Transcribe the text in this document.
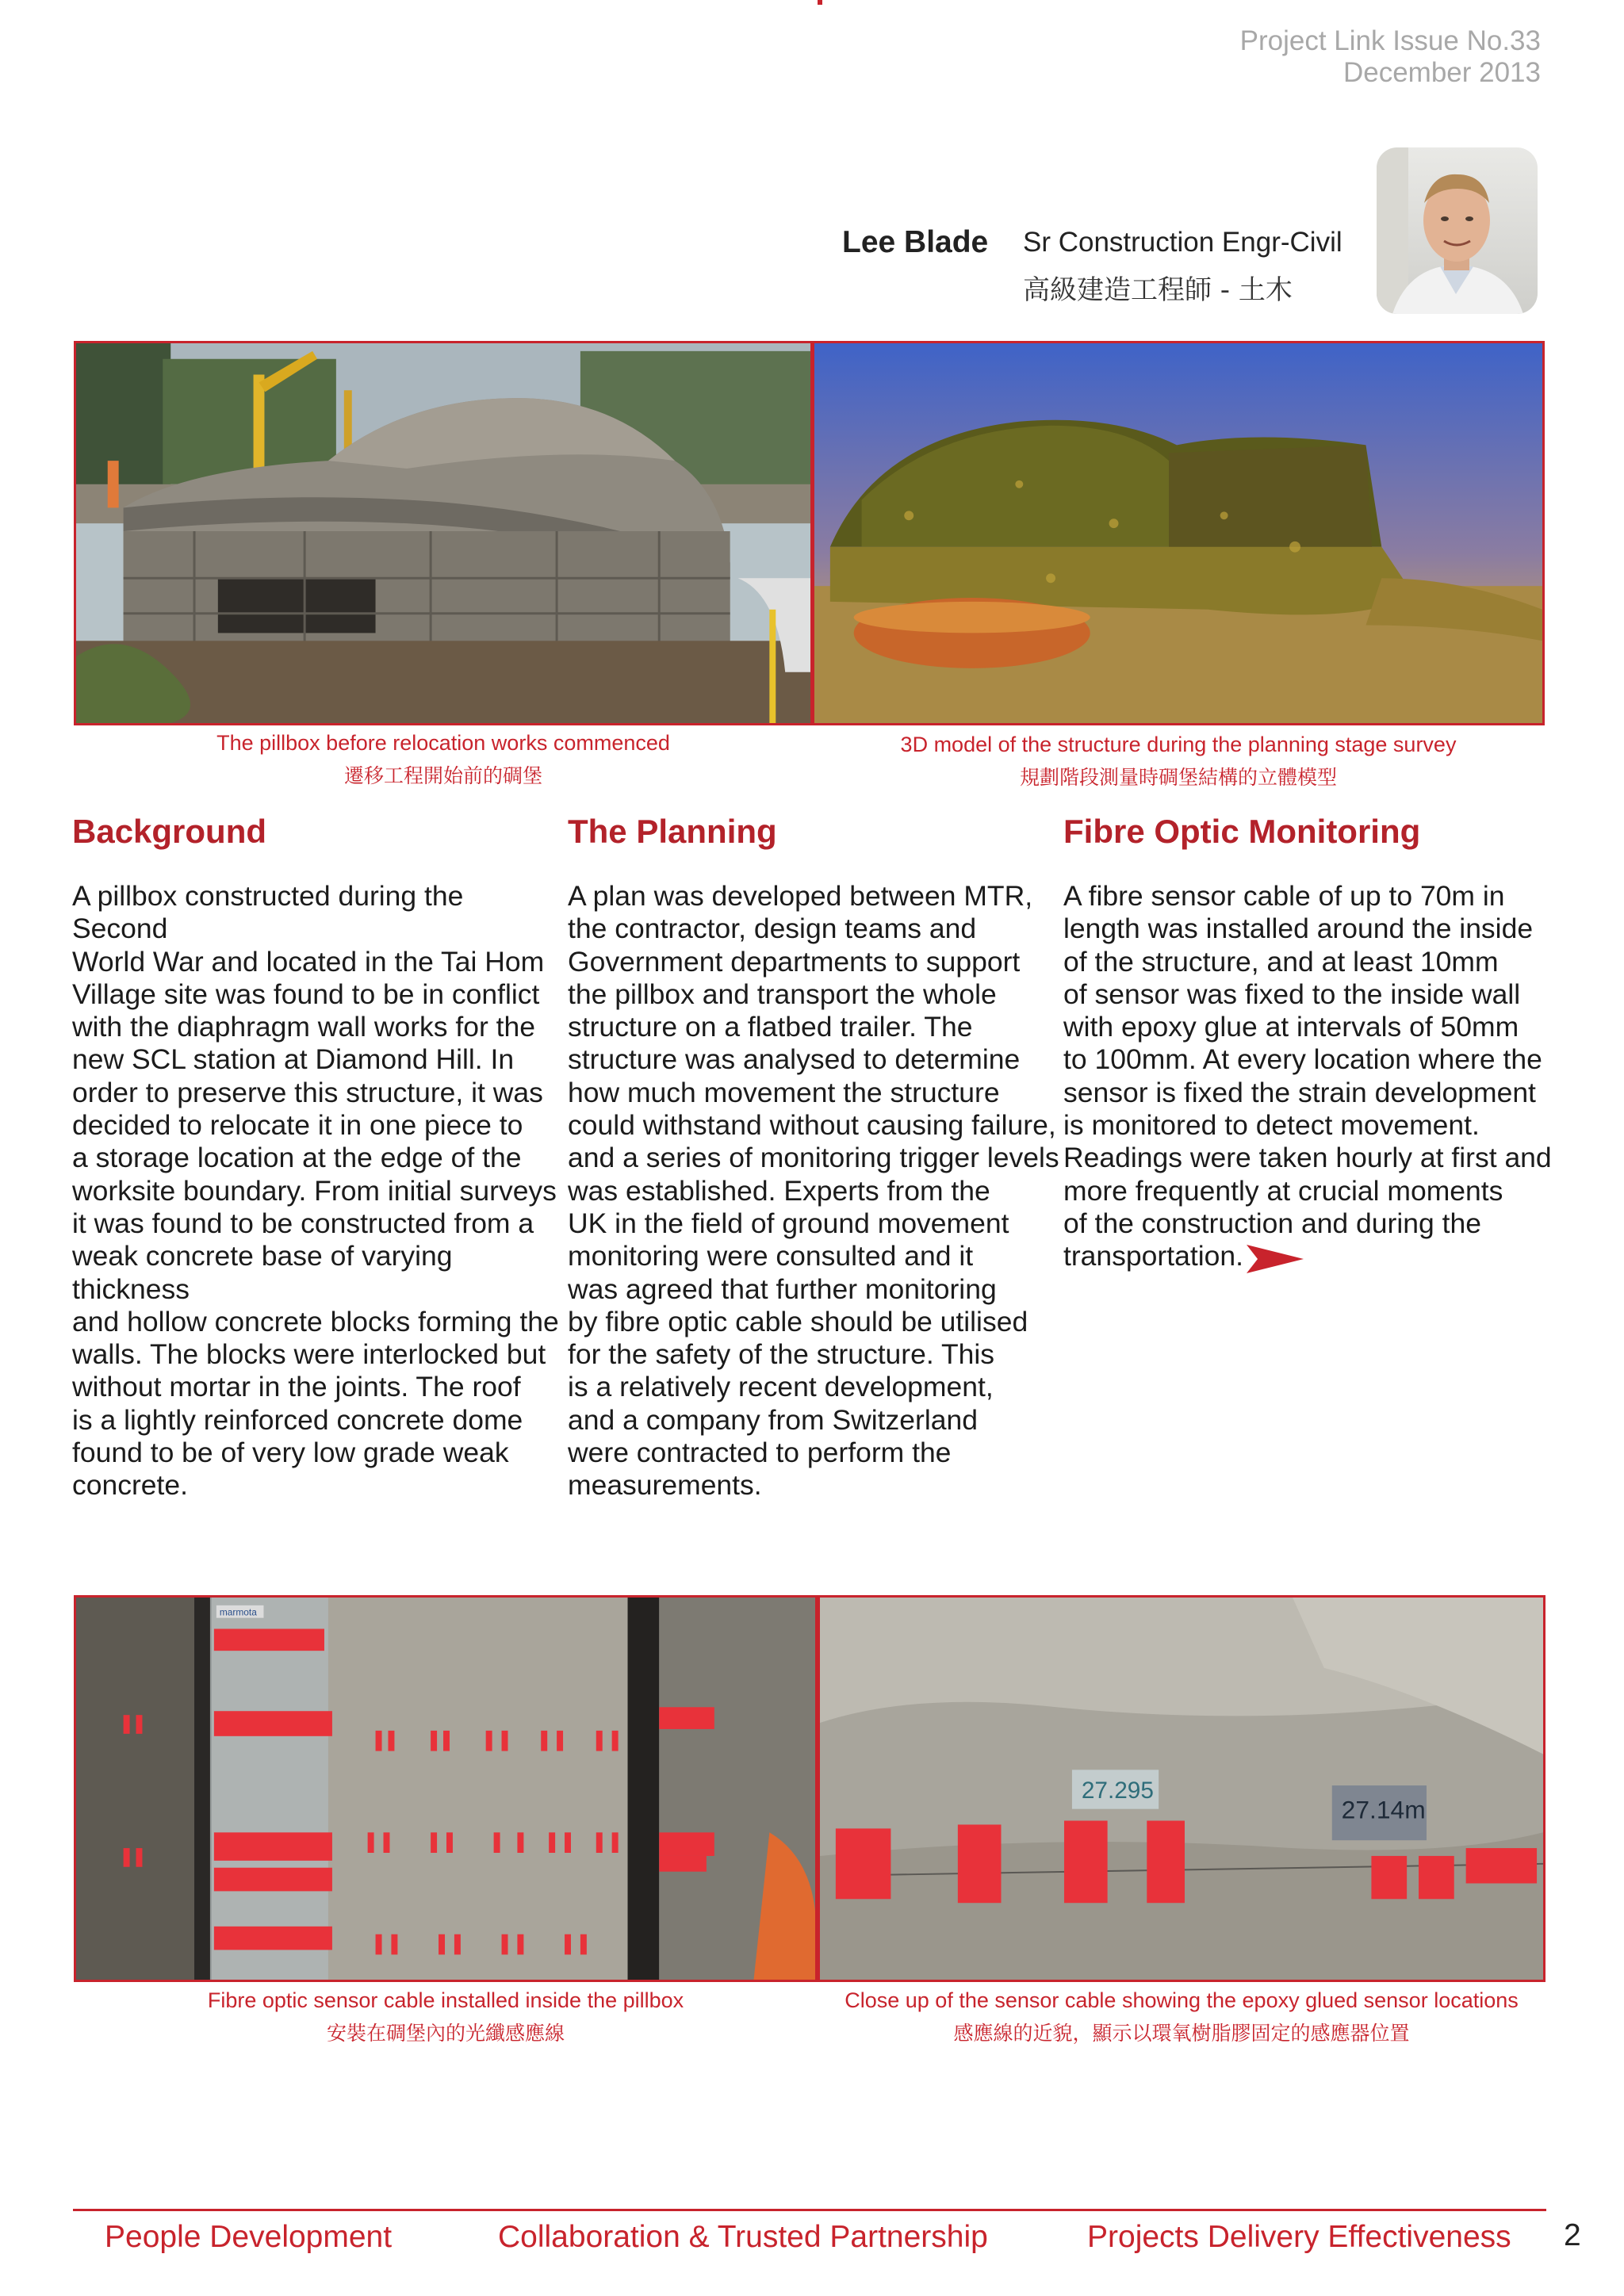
Project Link Issue No.33
December 2013
Lee Blade Sr Construction Engr-Civil
高級建造工程師 - 土木
The pillbox before relocation works commenced
遷移工程開始前的碉堡
3D model of the structure during the planning stage survey
規劃階段測量時碉堡結構的立體模型
Background	The Planning	Fibre Optic Monitoring
A pillbox constructed during the Second
World War and located in the Tai Hom
Village site was found to be in conflict
with the diaphragm wall works for the
new SCL station at Diamond Hill. In
order to preserve this structure, it was
decided to relocate it in one piece to
a storage location at the edge of the
worksite boundary. From initial surveys
it was found to be constructed from a
weak concrete base of varying thickness
and hollow concrete blocks forming the
walls. The blocks were interlocked but
without mortar in the joints. The roof
is a lightly reinforced concrete dome
found to be of very low grade weak
concrete.
A plan was developed between MTR,
the contractor, design teams and
Government departments to support
the pillbox and transport the whole
structure on a flatbed trailer. The
structure was analysed to determine
how much movement the structure
could withstand without causing failure,
and a series of monitoring trigger levels
was established. Experts from the
UK in the field of ground movement
monitoring were consulted and it
was agreed that further monitoring
by fibre optic cable should be utilised
for the safety of the structure. This
is a relatively recent development,
and a company from Switzerland
were contracted to perform the
measurements.
A fibre sensor cable of up to 70m in
length was installed around the inside
of the structure, and at least 10mm
of sensor was fixed to the inside wall
with epoxy glue at intervals of 50mm
to 100mm. At every location where the
sensor is fixed the strain development
is monitored to detect movement.
Readings were taken hourly at first and
more frequently at crucial moments
of the construction and during the
transportation.
marmota
27.295
27.14m
Fibre optic sensor cable installed inside the pillbox
安裝在碉堡內的光纖感應線
Close up of the sensor cable showing the epoxy glued sensor locations
感應線的近貌，顯示以環氧樹脂膠固定的感應器位置
People Development	Collaboration & Trusted Partnership	Projects Delivery Effectiveness 2
